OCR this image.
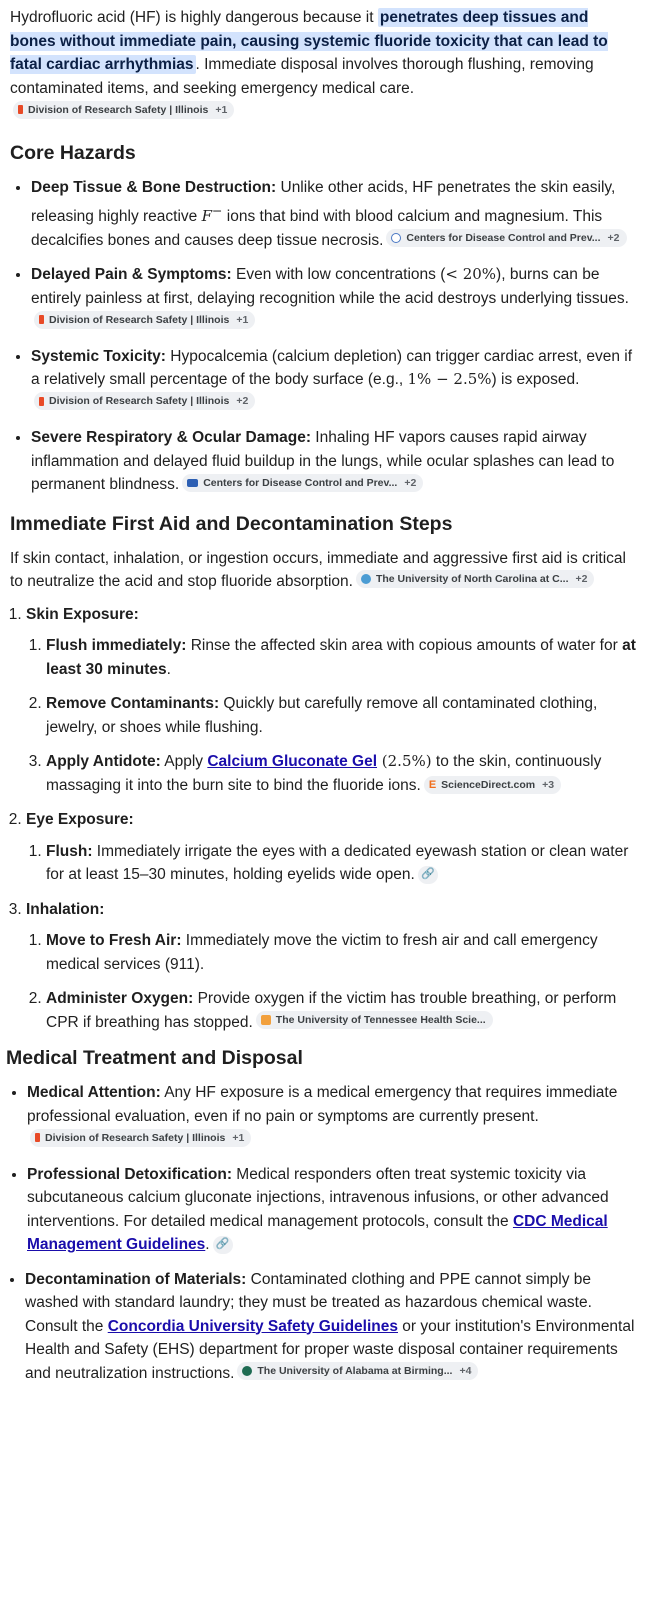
Hydrofluoric acid (HF) is highly dangerous because it penetrates deep tissues and bones without immediate pain, causing systemic fluoride toxicity that can lead to fatal cardiac arrhythmias . Immediate disposal involves thorough flushing, removing contaminated items, and seeking emergency medical care.
Division of Research Safety | Illinois +1

Core Hazards
• Deep Tissue & Bone Destruction: Unlike other acids, HF penetrates the skin easily, releasing highly reactive F− ions that bind with blood calcium and magnesium. This decalcifies bones and causes deep tissue necrosis. Centers for Disease Control and Prev... +2
• Delayed Pain & Symptoms: Even with low concentrations (< 20%), burns can be entirely painless at first, delaying recognition while the acid destroys underlying tissues.
Division of Research Safety | Illinois +1
• Systemic Toxicity: Hypocalcemia (calcium depletion) can trigger cardiac arrest, even if a relatively small percentage of the body surface (e.g., 1% − 2.5%) is exposed.
Division of Research Safety | Illinois +2
• Severe Respiratory & Ocular Damage: Inhaling HF vapors causes rapid airway inflammation and delayed fluid buildup in the lungs, while ocular splashes can lead to permanent blindness. Centers for Disease Control and Prev... +2
Immediate First Aid and Decontamination Steps

If skin contact, inhalation, or ingestion occurs, immediate and aggressive first aid is critical to neutralize the acid and stop fluoride absorption. The University of North Carolina at C... +2

1. Skin Exposure:
1. Flush immediately: Rinse the affected skin area with copious amounts of water for at least 30 minutes.
2. Remove Contaminants: Quickly but carefully remove all contaminated clothing, jewelry, or shoes while flushing.
3. Apply Antidote: Apply Calcium Gluconate Gel (2.5%) to the skin, continuously massaging it into the burn site to bind the fluoride ions. E ScienceDirect.com +3
2. Eye Exposure:
1. Flush: Immediately irrigate the eyes with a dedicated eyewash station or clean water for at least 15–30 minutes, holding eyelids wide open. 🔗
3. Inhalation:
1. Move to Fresh Air: Immediately move the victim to fresh air and call emergency medical services (911).
2. Administer Oxygen: Provide oxygen if the victim has trouble breathing, or perform CPR if breathing has stopped. The University of Tennessee Health Scie...
Medical Treatment and Disposal
• Medical Attention: Any HF exposure is a medical emergency that requires immediate professional evaluation, even if no pain or symptoms are currently present.
Division of Research Safety | Illinois +1
• Professional Detoxification: Medical responders often treat systemic toxicity via subcutaneous calcium gluconate injections, intravenous infusions, or other advanced interventions. For detailed medical management protocols, consult the CDC Medical Management Guidelines. 🔗
• Decontamination of Materials: Contaminated clothing and PPE cannot simply be washed with standard laundry; they must be treated as hazardous chemical waste. Consult the Concordia University Safety Guidelines or your institution's Environmental Health and Safety (EHS) department for proper waste disposal container requirements and neutralization instructions. The University of Alabama at Birming... +4
